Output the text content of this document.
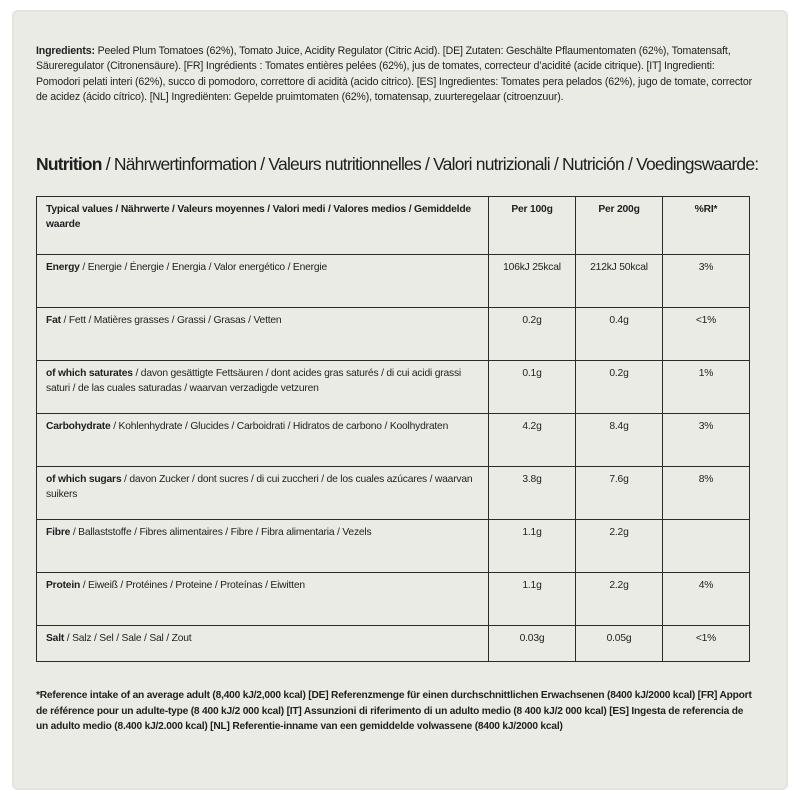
Ingredients: Peeled Plum Tomatoes (62%), Tomato Juice, Acidity Regulator (Citric Acid). [DE] Zutaten: Geschälte Pflaumentomaten (62%), Tomatensaft, Säureregulator (Citronensäure). [FR] Ingrédients : Tomates entières pelées (62%), jus de tomates, correcteur d’acidité (acide citrique). [IT] Ingredienti: Pomodori pelati interi (62%), succo di pomodoro, correttore di acidità (acido citrico). [ES] Ingredientes: Tomates pera pelados (62%), jugo de tomate, corrector de acidez (ácido cítrico). [NL] Ingrediënten: Gepelde pruimtomaten (62%), tomatensap, zuurteregelaar (citroenzuur).
Nutrition / Nährwertinformation / Valeurs nutritionnelles / Valori nutrizionali / Nutrición / Voedingswaarde:
Typical values / Nährwerte / Valeurs moyennes / Valori medi / Valores medios / Gemiddelde waarde	Per 100g	Per 200g	%RI*
Energy / Energie / Énergie / Energia / Valor energético / Energie	106kJ 25kcal	212kJ 50kcal	3%
Fat / Fett / Matières grasses / Grassi / Grasas / Vetten	0.2g	0.4g	<1%
of which saturates / davon gesättigte Fettsäuren / dont acides gras saturés / di cui acidi grassi saturi / de las cuales saturadas / waarvan verzadigde vetzuren	0.1g	0.2g	1%
Carbohydrate / Kohlenhydrate / Glucides / Carboidrati / Hidratos de carbono / Koolhydraten	4.2g	8.4g	3%
of which sugars / davon Zucker / dont sucres / di cui zuccheri / de los cuales azúcares / waarvan suikers	3.8g	7.6g	8%
Fibre / Ballaststoffe / Fibres alimentaires / Fibre / Fibra alimentaria / Vezels	1.1g	2.2g	
Protein / Eiweiß / Protéines / Proteine / Proteínas / Eiwitten	1.1g	2.2g	4%
Salt / Salz / Sel / Sale / Sal / Zout	0.03g	0.05g	<1%
*Reference intake of an average adult (8,400 kJ/2,000 kcal) [DE] Referenzmenge für einen durchschnittlichen Erwachsenen (8400 kJ/2000 kcal) [FR] Apport de référence pour un adulte-type (8 400 kJ/2 000 kcal) [IT] Assunzioni di riferimento di un adulto medio (8 400 kJ/2 000 kcal) [ES] Ingesta de referencia de un adulto medio (8.400 kJ/2.000 kcal) [NL] Referentie-inname van een gemiddelde volwassene (8400 kJ/2000 kcal)
